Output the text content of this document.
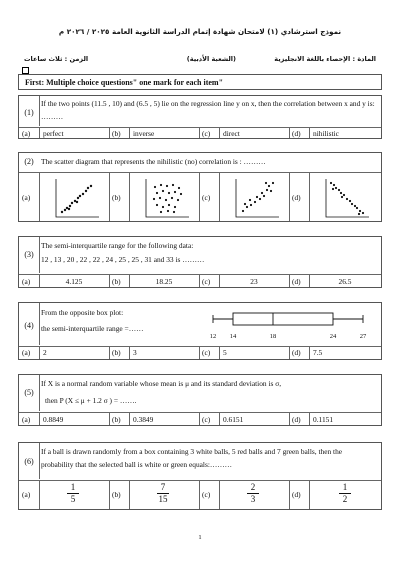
نموذج استرشادي (١) لامتحان شهادة إتمام الدراسة الثانوية العامة ٢٠٢٥ / ٢٠٢٦ م
المادة : الإحصاء باللغة الانجليزية
(الشعبة الأدبية)
الزمن : ثلاث ساعات
First: Multiple choice questions" one mark for each item"
(1)
If the two points (11.5 , 10) and (6.5 , 5) lie on the regression line y on x, then the correlation between x and y is: ………
(a) perfect	(b) inverse	(c) direct	(d) nihilistic
(2) The scatter diagram that represents the nihilistic (no) correlation is : ………
(a)	(b)	(c)	(d)
(3)
The semi-interquartile range for the following data:
12 , 13 , 20 , 22 , 22 , 24 , 25 , 25 , 31 and 33 is ………
(a)	4.125	(b)	18.25	(c)	23	(d)	26.5
(4)
From the opposite box plot:
the semi-interquartile range =……
12 14	18	24	27
(a) 2	(b) 3	(c) 5	(d) 7.5
(5)
If X is a normal random variable whose mean is μ and its standard deviation is σ,
then P (X ≤ μ + 1.2 σ ) = …….
(a) 0.8849	(b) 0.3849	(c) 0.6151	(d) 0.1151
(6)
If a ball is drawn randomly from a box containing 3 white balls, 5 red balls and 7 green balls, then the probability that the selected ball is white or green equals:………
(a)
1
5	(b)
7
15	(c)
2
3	(d)
1
2
1
